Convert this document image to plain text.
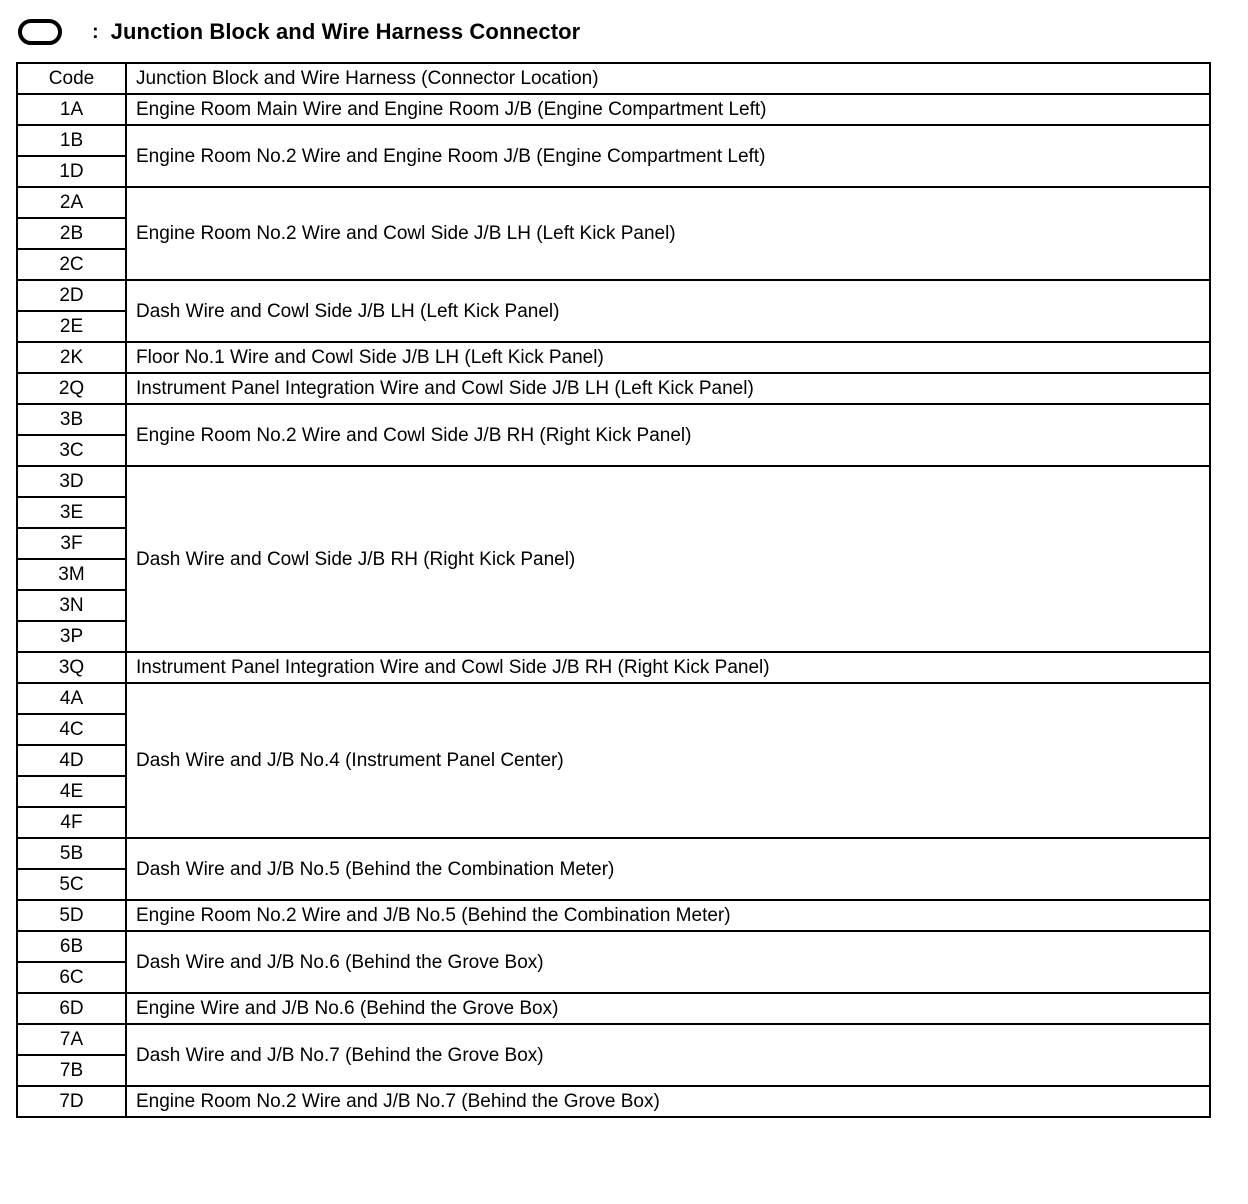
: Junction Block and Wire Harness Connector
Code	Junction Block and Wire Harness (Connector Location)
1A	Engine Room Main Wire and Engine Room J/B (Engine Compartment Left)
1B	Engine Room No.2 Wire and Engine Room J/B (Engine Compartment Left)
1D	
2A	Engine Room No.2 Wire and Cowl Side J/B LH (Left Kick Panel)
2B	
2C	
2D	Dash Wire and Cowl Side J/B LH (Left Kick Panel)
2E	
2K	Floor No.1 Wire and Cowl Side J/B LH (Left Kick Panel)
2Q	Instrument Panel Integration Wire and Cowl Side J/B LH (Left Kick Panel)
3B	Engine Room No.2 Wire and Cowl Side J/B RH (Right Kick Panel)
3C	
3D	Dash Wire and Cowl Side J/B RH (Right Kick Panel)
3E	
3F	
3M	
3N	
3P	
3Q	Instrument Panel Integration Wire and Cowl Side J/B RH (Right Kick Panel)
4A	Dash Wire and J/B No.4 (Instrument Panel Center)
4C	
4D	
4E	
4F	
5B	Dash Wire and J/B No.5 (Behind the Combination Meter)
5C	
5D	Engine Room No.2 Wire and J/B No.5 (Behind the Combination Meter)
6B	Dash Wire and J/B No.6 (Behind the Grove Box)
6C	
6D	Engine Wire and J/B No.6 (Behind the Grove Box)
7A	Dash Wire and J/B No.7 (Behind the Grove Box)
7B	
7D	Engine Room No.2 Wire and J/B No.7 (Behind the Grove Box)
